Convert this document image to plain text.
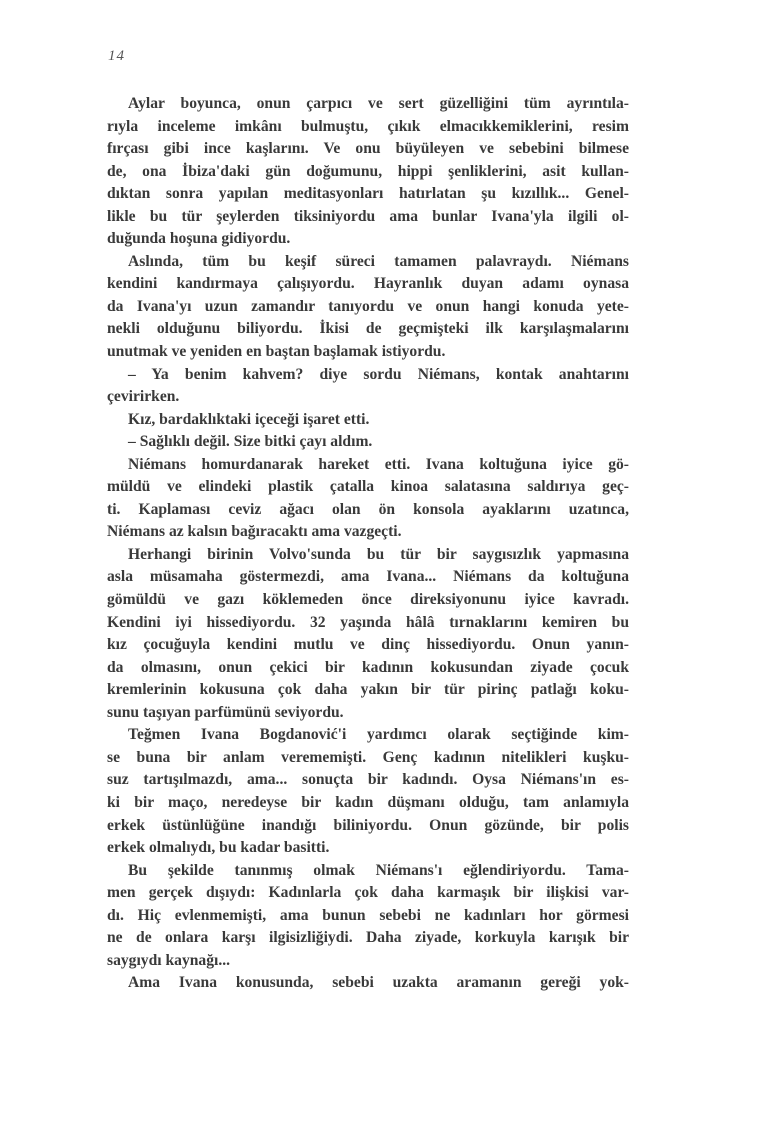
14
Aylar boyunca, onun çarpıcı ve sert güzelliğini tüm ayrıntıla-
rıyla inceleme imkânı bulmuştu, çıkık elmacıkkemiklerini, resim
fırçası gibi ince kaşlarını. Ve onu büyüleyen ve sebebini bilmese
de, ona İbiza'daki gün doğumunu, hippi şenliklerini, asit kullan-
dıktan sonra yapılan meditasyonları hatırlatan şu kızıllık... Genel-
likle bu tür şeylerden tiksiniyordu ama bunlar Ivana'yla ilgili ol-
duğunda hoşuna gidiyordu.
Aslında, tüm bu keşif süreci tamamen palavraydı. Niémans
kendini kandırmaya çalışıyordu. Hayranlık duyan adamı oynasa
da Ivana'yı uzun zamandır tanıyordu ve onun hangi konuda yete-
nekli olduğunu biliyordu. İkisi de geçmişteki ilk karşılaşmalarını
unutmak ve yeniden en baştan başlamak istiyordu.
– Ya benim kahvem? diye sordu Niémans, kontak anahtarını
çevirirken.
Kız, bardaklıktaki içeceği işaret etti.
– Sağlıklı değil. Size bitki çayı aldım.
Niémans homurdanarak hareket etti. Ivana koltuğuna iyice gö-
müldü ve elindeki plastik çatalla kinoa salatasına saldırıya geç-
ti. Kaplaması ceviz ağacı olan ön konsola ayaklarını uzatınca,
Niémans az kalsın bağıracaktı ama vazgeçti.
Herhangi birinin Volvo'sunda bu tür bir saygısızlık yapmasına
asla müsamaha göstermezdi, ama Ivana... Niémans da koltuğuna
gömüldü ve gazı köklemeden önce direksiyonunu iyice kavradı.
Kendini iyi hissediyordu. 32 yaşında hâlâ tırnaklarını kemiren bu
kız çocuğuyla kendini mutlu ve dinç hissediyordu. Onun yanın-
da olmasını, onun çekici bir kadının kokusundan ziyade çocuk
kremlerinin kokusuna çok daha yakın bir tür pirinç patlağı koku-
sunu taşıyan parfümünü seviyordu.
Teğmen Ivana Bogdanović'i yardımcı olarak seçtiğinde kim-
se buna bir anlam verememişti. Genç kadının nitelikleri kuşku-
suz tartışılmazdı, ama... sonuçta bir kadındı. Oysa Niémans'ın es-
ki bir maço, neredeyse bir kadın düşmanı olduğu, tam anlamıyla
erkek üstünlüğüne inandığı biliniyordu. Onun gözünde, bir polis
erkek olmalıydı, bu kadar basitti.
Bu şekilde tanınmış olmak Niémans'ı eğlendiriyordu. Tama-
men gerçek dışıydı: Kadınlarla çok daha karmaşık bir ilişkisi var-
dı. Hiç evlenmemişti, ama bunun sebebi ne kadınları hor görmesi
ne de onlara karşı ilgisizliğiydi. Daha ziyade, korkuyla karışık bir
saygıydı kaynağı...
Ama Ivana konusunda, sebebi uzakta aramanın gereği yok-
